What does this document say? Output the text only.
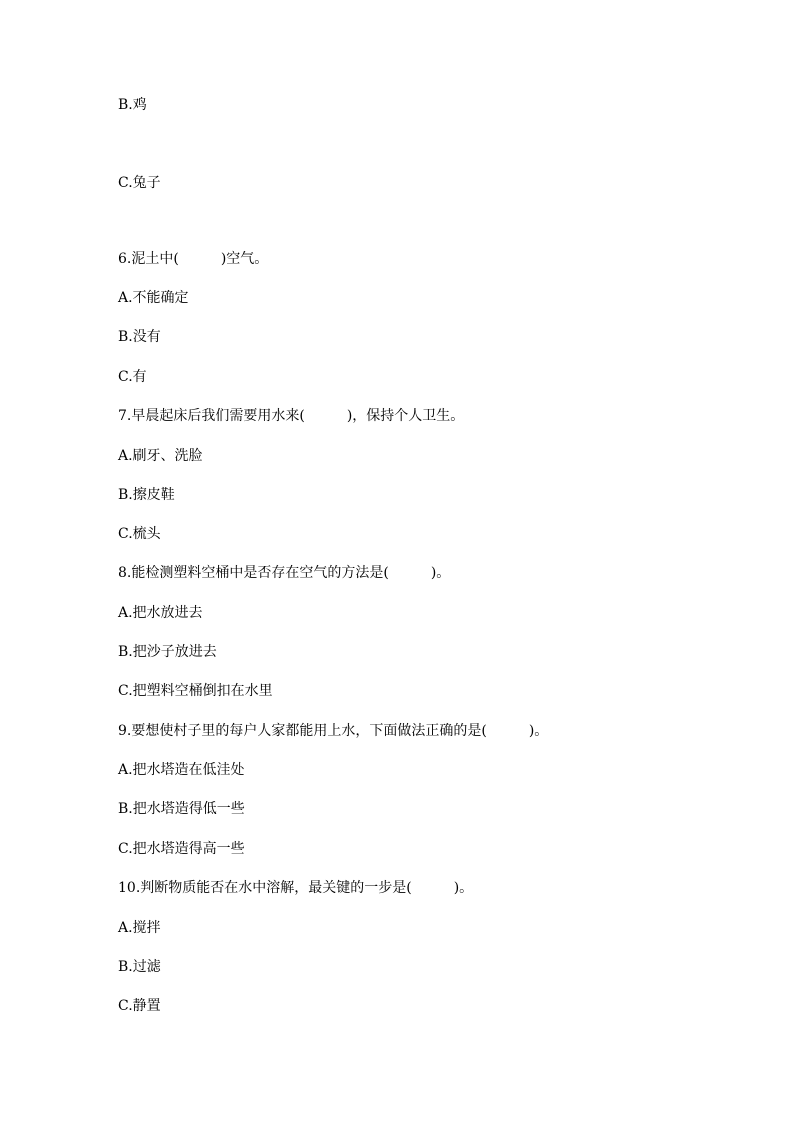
B.鸡
C.兔子
6.泥土中(　　　)空气。
A.不能确定
B.没有
C.有
7.早晨起床后我们需要用水来(　　　)，保持个人卫生。
A.刷牙、洗脸
B.擦皮鞋
C.梳头
8.能检测塑料空桶中是否存在空气的方法是(　　　)。
A.把水放进去
B.把沙子放进去
C.把塑料空桶倒扣在水里
9.要想使村子里的每户人家都能用上水，下面做法正确的是(　　　)。
A.把水塔造在低洼处
B.把水塔造得低一些
C.把水塔造得高一些
10.判断物质能否在水中溶解，最关键的一步是(　　　)。
A.搅拌
B.过滤
C.静置
